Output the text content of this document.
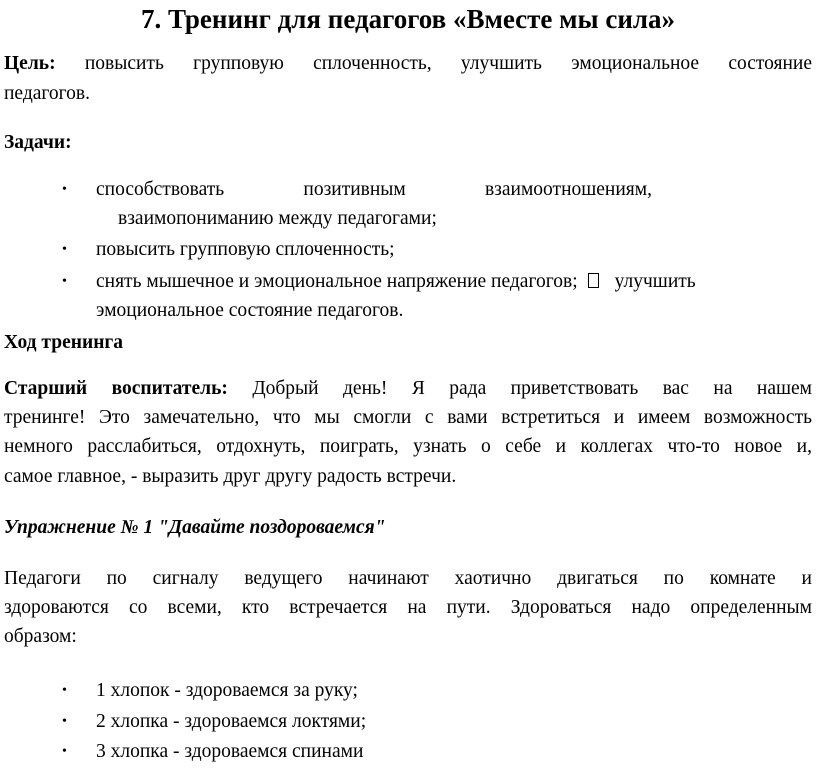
7. Тренинг для педагогов «Вместе мы сила»
Цель: повысить групповую сплоченность, улучшить эмоциональное состояние
педагогов.
Задачи:
• способствовать позитивным взаимоотношениям,
взаимопониманию между педагогами;
• повысить групповую сплоченность;
• снять мышечное и эмоциональное напряжение педагогов; улучшить
эмоциональное состояние педагогов.
Ход тренинга
Старший воспитатель: Добрый день! Я рада приветствовать вас на нашем
тренинге! Это замечательно, что мы смогли с вами встретиться и имеем возможность
немного расслабиться, отдохнуть, поиграть, узнать о себе и коллегах что-то новое и,
самое главное, - выразить друг другу радость встречи.
Упражнение № 1 "Давайте поздороваемся"
Педагоги по сигналу ведущего начинают хаотично двигаться по комнате и
здороваются со всеми, кто встречается на пути. Здороваться надо определенным
образом:
• 1 хлопок - здороваемся за руку;
• 2 хлопка - здороваемся локтями;
• 3 хлопка - здороваемся спинами
